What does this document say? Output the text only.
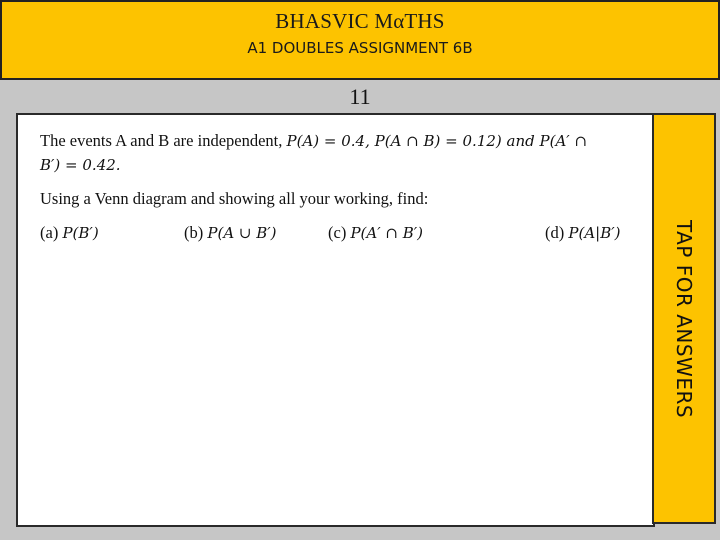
BHASVIC MαTHS
A1 DOUBLES ASSIGNMENT 6B
11
The events A and B are independent, P(A) = 0.4, P(A ∩ B) = 0.12) and P(A′ ∩
B′) = 0.42.
Using a Venn diagram and showing all your working, find:
(a) P(B′)	(b) P(A ∪ B′)	(c) P(A′ ∩ B′)	(d) P(A|B′)	TAP FOR ANSWERS
